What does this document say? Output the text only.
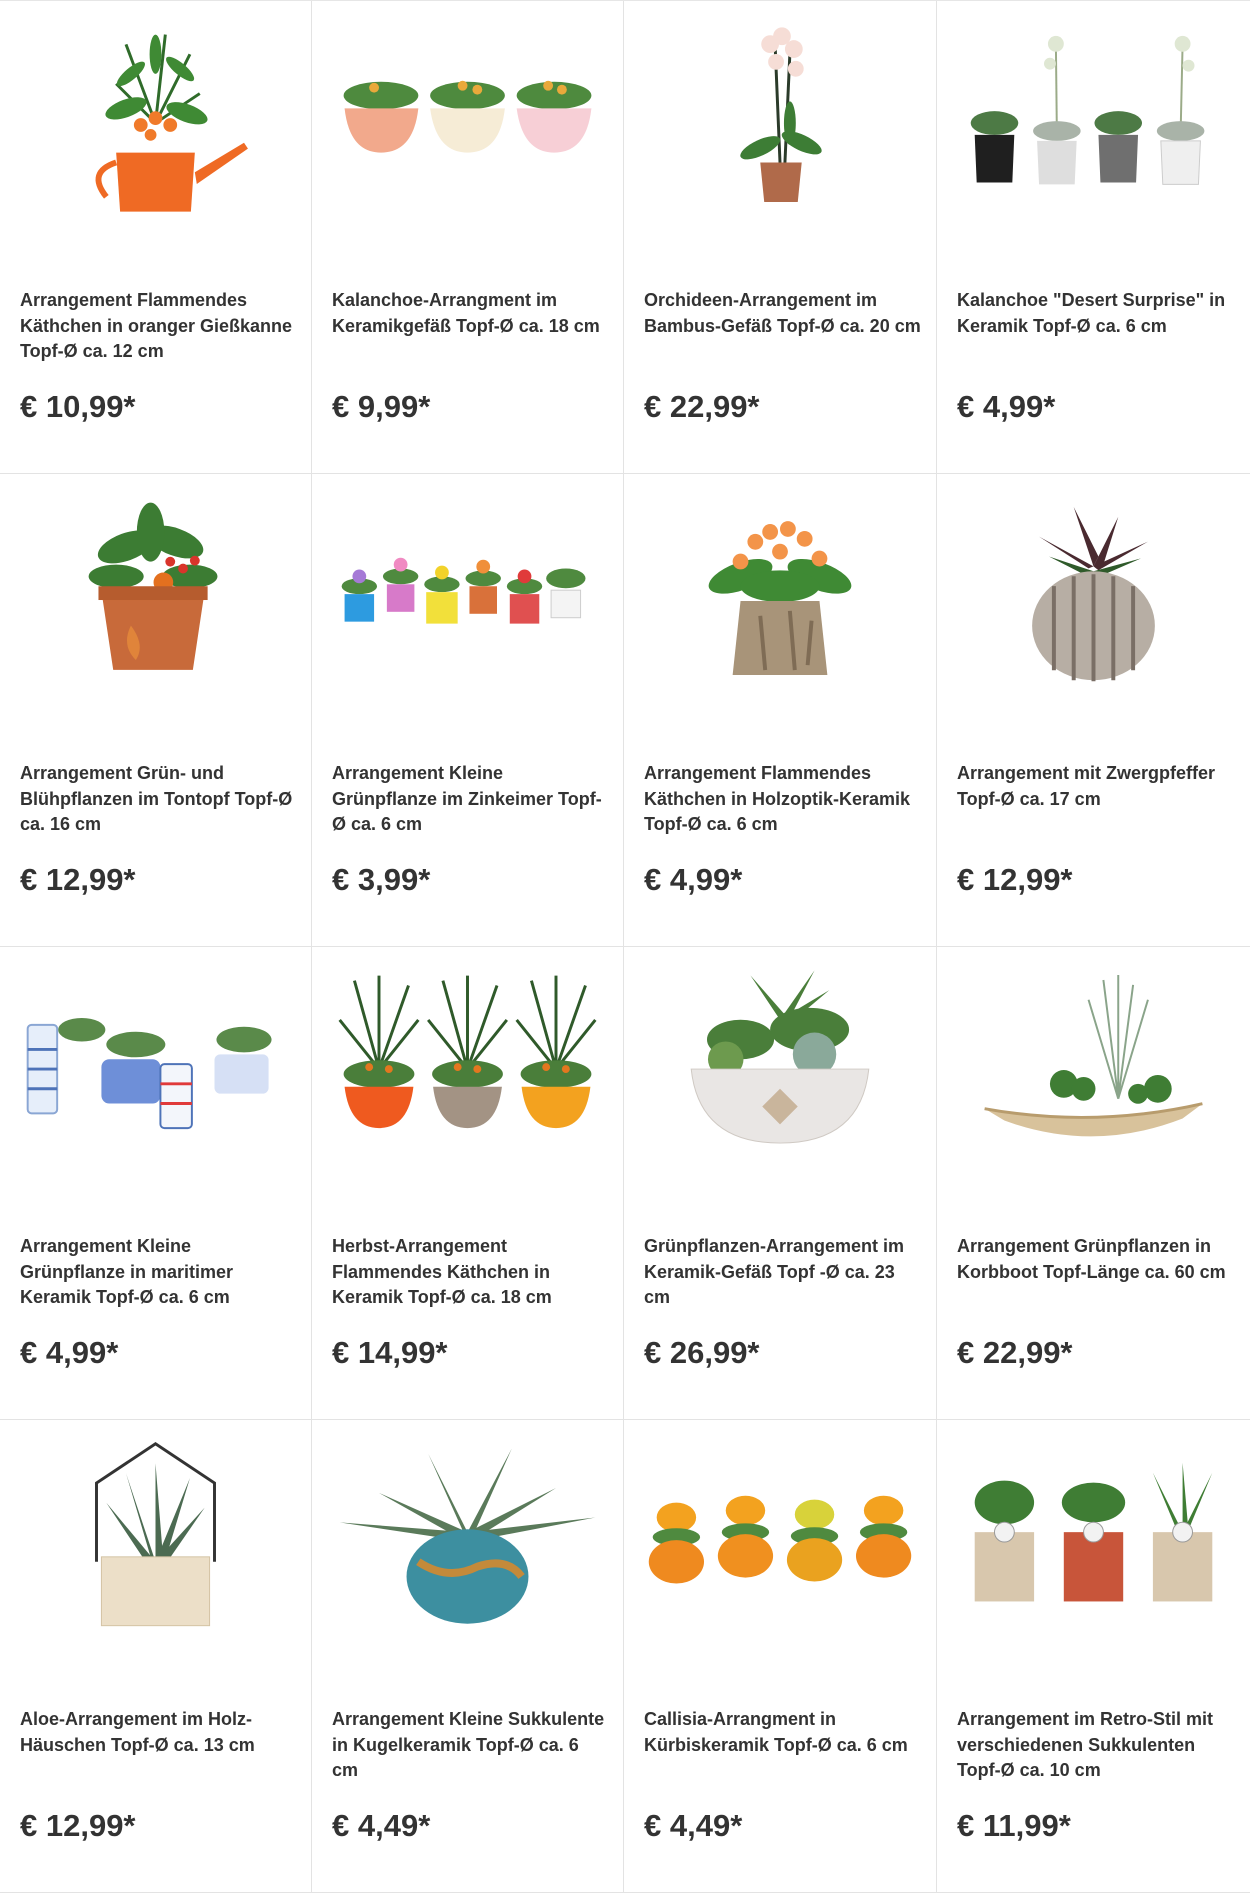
Arrangement Flammendes Käthchen in oranger Gießkanne Topf-Ø ca. 12 cm
€ 10,99*
Kalanchoe-Arrangment im Keramikgefäß Topf-Ø ca. 18 cm
€ 9,99*
Orchideen-Arrangement im Bambus-Gefäß Topf-Ø ca. 20 cm
€ 22,99*
Kalanchoe "Desert Surprise" in Keramik Topf-Ø ca. 6 cm
€ 4,99*
Arrangement Grün- und Blühpflanzen im Tontopf Topf-Ø ca. 16 cm
€ 12,99*
Arrangement Kleine Grünpflanze im Zinkeimer Topf-Ø ca. 6 cm
€ 3,99*
Arrangement Flammendes Käthchen in Holzoptik-Keramik Topf-Ø ca. 6 cm
€ 4,99*
Arrangement mit Zwergpfeffer Topf-Ø ca. 17 cm
€ 12,99*
Arrangement Kleine Grünpflanze in maritimer Keramik Topf-Ø ca. 6 cm
€ 4,99*
Herbst-Arrangement Flammendes Käthchen in Keramik Topf-Ø ca. 18 cm
€ 14,99*
Grünpflanzen-Arrangement im Keramik-Gefäß Topf -Ø ca. 23 cm
€ 26,99*
Arrangement Grünpflanzen in Korbboot Topf-Länge ca. 60 cm
€ 22,99*
Aloe-Arrangement im Holz-Häuschen Topf-Ø ca. 13 cm
€ 12,99*
Arrangement Kleine Sukkulente in Kugelkeramik Topf-Ø ca. 6 cm
€ 4,49*
Callisia-Arrangment in Kürbiskeramik Topf-Ø ca. 6 cm
€ 4,49*
Arrangement im Retro-Stil mit verschiedenen Sukkulenten Topf-Ø ca. 10 cm
€ 11,99*
